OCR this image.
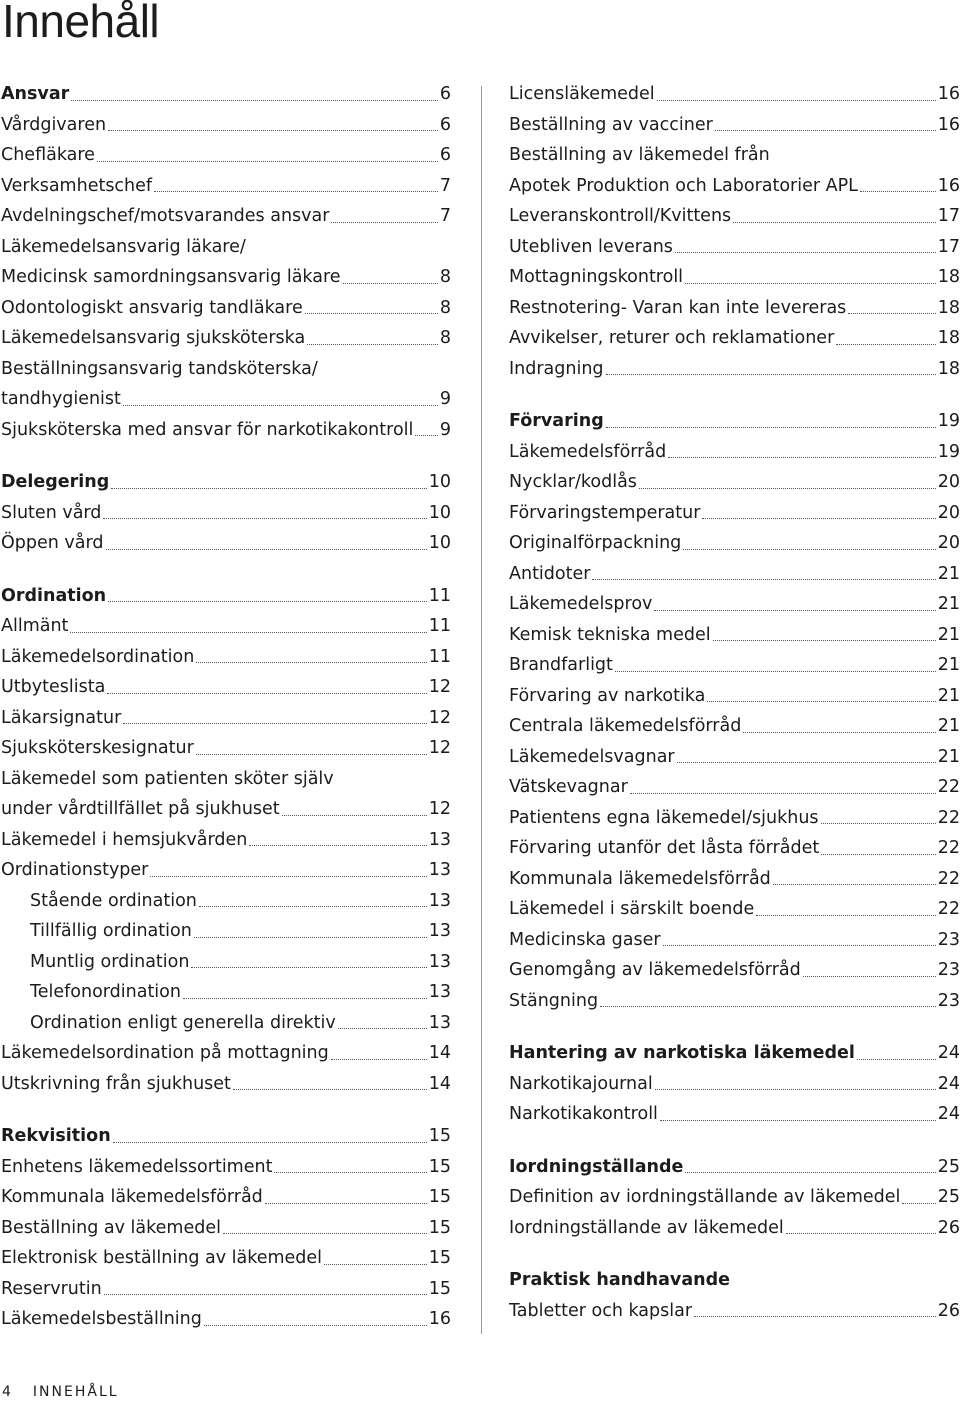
Innehåll
Ansvar	6
Vårdgivaren	6
Chefläkare	6
Verksamhetschef	7
Avdelningschef/motsvarandes ansvar	7
Läkemedelsansvarig läkare/
Medicinsk samordningsansvarig läkare	8
Odontologiskt ansvarig tandläkare	8
Läkemedelsansvarig sjuksköterska	8
Beställningsansvarig tandsköterska/
tandhygienist	9
Sjuksköterska med ansvar för narkotikakontroll 9
Delegering	10
Sluten vård	10
Öppen vård	10
Ordination	11
Allmänt	11
Läkemedelsordination	11
Utbyteslista	12
Läkarsignatur	12
Sjuksköterskesignatur	12
Läkemedel som patienten sköter själv
under vårdtillfället på sjukhuset	12
Läkemedel i hemsjukvården	13
Ordinationstyper	13
Stående ordination	13
Tillfällig ordination	13
Muntlig ordination	13
Telefonordination	13
Ordination enligt generella direktiv	13
Läkemedelsordination på mottagning	14
Utskrivning från sjukhuset	14
Rekvisition	15
Enhetens läkemedelssortiment	15
Kommunala läkemedelsförråd	15
Beställning av läkemedel	15
Elektronisk beställning av läkemedel	15
Reservrutin	15
Läkemedelsbeställning	16
Licensläkemedel	16
Beställning av vacciner	16
Beställning av läkemedel från
Apotek Produktion och Laboratorier APL	16
Leveranskontroll/Kvittens	17
Utebliven leverans	17
Mottagningskontroll	18
Restnotering- Varan kan inte levereras	18
Avvikelser, returer och reklamationer	18
Indragning	18
Förvaring	19
Läkemedelsförråd	19
Nycklar/kodlås	20
Förvaringstemperatur	20
Originalförpackning	20
Antidoter	21
Läkemedelsprov	21
Kemisk tekniska medel	21
Brandfarligt	21
Förvaring av narkotika	21
Centrala läkemedelsförråd	21
Läkemedelsvagnar	21
Vätskevagnar	22
Patientens egna läkemedel/sjukhus	22
Förvaring utanför det låsta förrådet	22
Kommunala läkemedelsförråd	22
Läkemedel i särskilt boende	22
Medicinska gaser	23
Genomgång av läkemedelsförråd	23
Stängning	23
Hantering av narkotiska läkemedel	24
Narkotikajournal	24
Narkotikakontroll	24
Iordningställande	25
Definition av iordningställande av läkemedel 25
Iordningställande av läkemedel	26
Praktisk handhavande
Tabletter och kapslar	26
4 INNEHÅLL
